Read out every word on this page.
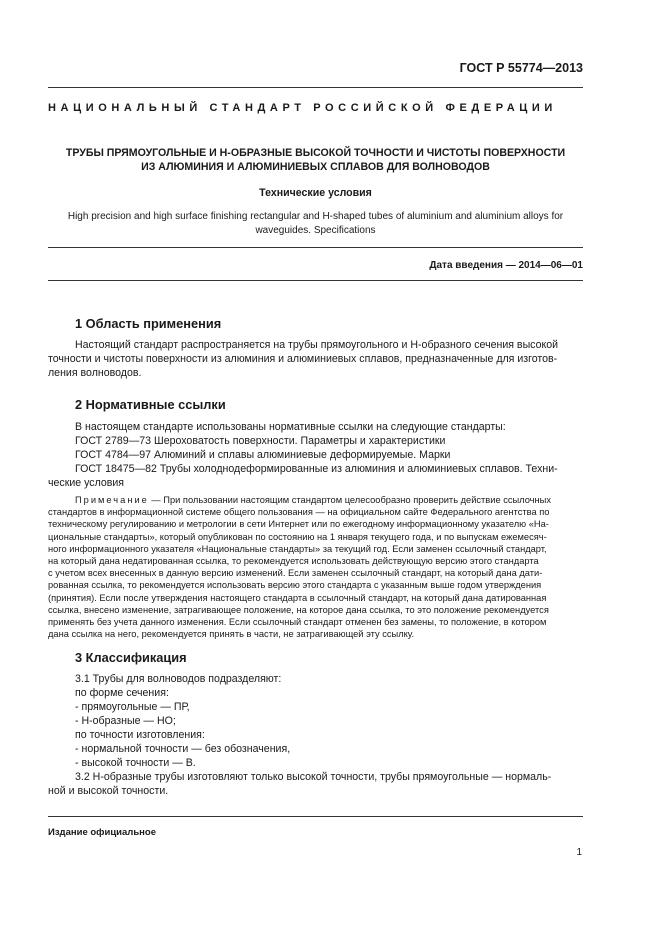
ГОСТ Р 55774—2013
НАЦИОНАЛЬНЫЙ СТАНДАРТ РОССИЙСКОЙ ФЕДЕРАЦИИ
ТРУБЫ ПРЯМОУГОЛЬНЫЕ И Н-ОБРАЗНЫЕ ВЫСОКОЙ ТОЧНОСТИ И ЧИСТОТЫ ПОВЕРХНОСТИ
ИЗ АЛЮМИНИЯ И АЛЮМИНИЕВЫХ СПЛАВОВ ДЛЯ ВОЛНОВОДОВ
Технические условия
High precision and high surface finishing rectangular and H-shaped tubes of aluminium and aluminium alloys for
waveguides. Specifications
Дата введения — 2014—06—01
1 Область применения
Настоящий стандарт распространяется на трубы прямоугольного и Н-образного сечения высокой
точности и чистоты поверхности из алюминия и алюминиевых сплавов, предназначенные для изготов-
ления волноводов.
2 Нормативные ссылки
В настоящем стандарте использованы нормативные ссылки на следующие стандарты:
ГОСТ 2789—73 Шероховатость поверхности. Параметры и характеристики
ГОСТ 4784—97 Алюминий и сплавы алюминиевые деформируемые. Марки
ГОСТ 18475—82 Трубы холоднодеформированные из алюминия и алюминиевых сплавов. Техни-
ческие условия
Примечание — При пользовании настоящим стандартом целесообразно проверить действие ссылочных
стандартов в информационной системе общего пользования — на официальном сайте Федерального агентства по
техническому регулированию и метрологии в сети Интернет или по ежегодному информационному указателю «На-
циональные стандарты», который опубликован по состоянию на 1 января текущего года, и по выпускам ежемесяч-
ного информационного указателя «Национальные стандарты» за текущий год. Если заменен ссылочный стандарт,
на который дана недатированная ссылка, то рекомендуется использовать действующую версию этого стандарта
с учетом всех внесенных в данную версию изменений. Если заменен ссылочный стандарт, на который дана дати-
рованная ссылка, то рекомендуется использовать версию этого стандарта с указанным выше годом утверждения
(принятия). Если после утверждения настоящего стандарта в ссылочный стандарт, на который дана датированная
ссылка, внесено изменение, затрагивающее положение, на которое дана ссылка, то это положение рекомендуется
применять без учета данного изменения. Если ссылочный стандарт отменен без замены, то положение, в котором
дана ссылка на него, рекомендуется принять в части, не затрагивающей эту ссылку.
3 Классификация
3.1 Трубы для волноводов подразделяют:
по форме сечения:
- прямоугольные — ПР,
- Н-образные — НО;
по точности изготовления:
- нормальной точности — без обозначения,
- высокой точности — В.
3.2 Н-образные трубы изготовляют только высокой точности, трубы прямоугольные — нормаль-
ной и высокой точности.
Издание официальное
1
